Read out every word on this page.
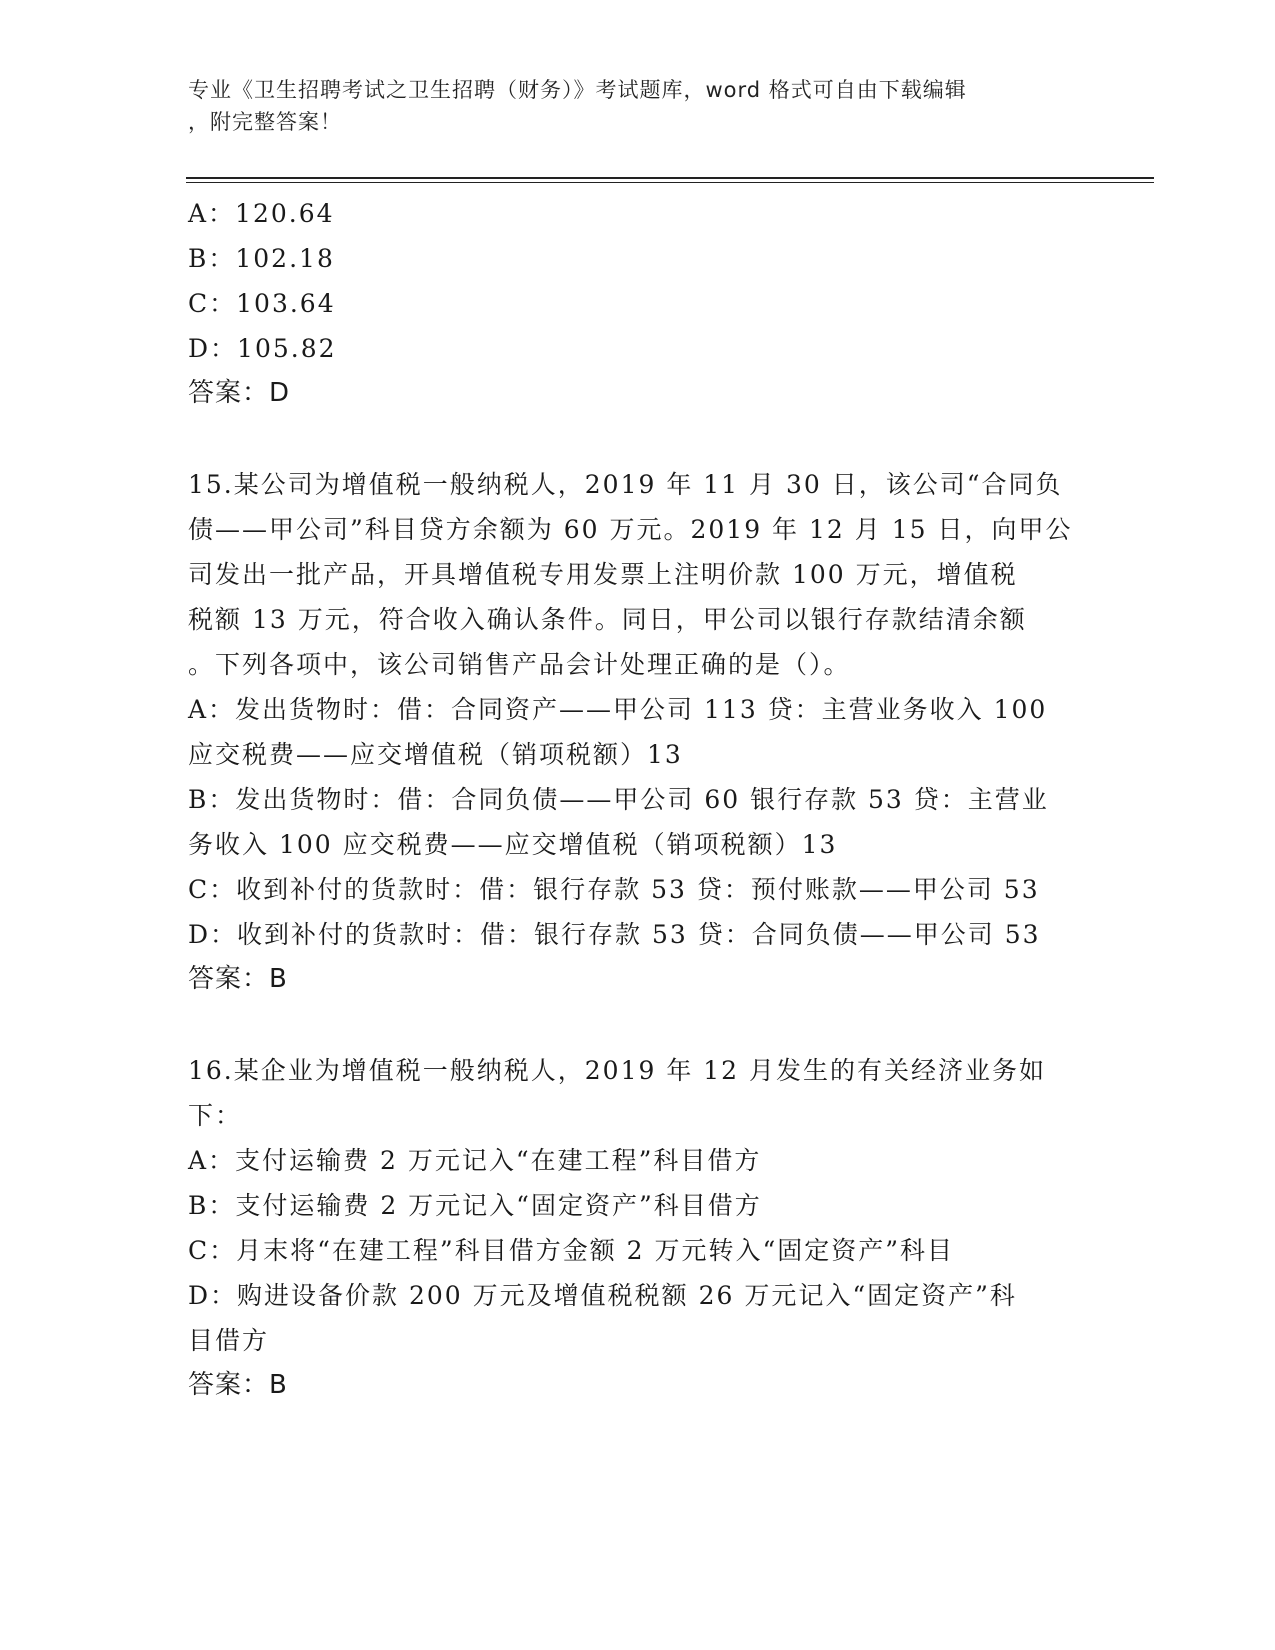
专业《卫生招聘考试之卫生招聘（财务）》考试题库，word 格式可自由下载编辑
，附完整答案！
A：120.64
B：102.18
C：103.64
D：105.82
答案：D
15.某公司为增值税一般纳税人，2019 年 11 月 30 日，该公司“合同负
债——甲公司”科目贷方余额为 60 万元。2019 年 12 月 15 日，向甲公
司发出一批产品，开具增值税专用发票上注明价款 100 万元，增值税
税额 13 万元，符合收入确认条件。同日，甲公司以银行存款结清余额
。下列各项中，该公司销售产品会计处理正确的是（）。
A：发出货物时：借：合同资产——甲公司 113 贷：主营业务收入 100
应交税费——应交增值税（销项税额）13
B：发出货物时：借：合同负债——甲公司 60 银行存款 53 贷：主营业
务收入 100 应交税费——应交增值税（销项税额）13
C：收到补付的货款时：借：银行存款 53 贷：预付账款——甲公司 53
D：收到补付的货款时：借：银行存款 53 贷：合同负债——甲公司 53
答案：B
16.某企业为增值税一般纳税人，2019 年 12 月发生的有关经济业务如
下：
A：支付运输费 2 万元记入“在建工程”科目借方
B：支付运输费 2 万元记入“固定资产”科目借方
C：月末将“在建工程”科目借方金额 2 万元转入“固定资产”科目
D：购进设备价款 200 万元及增值税税额 26 万元记入“固定资产”科
目借方
答案：B
